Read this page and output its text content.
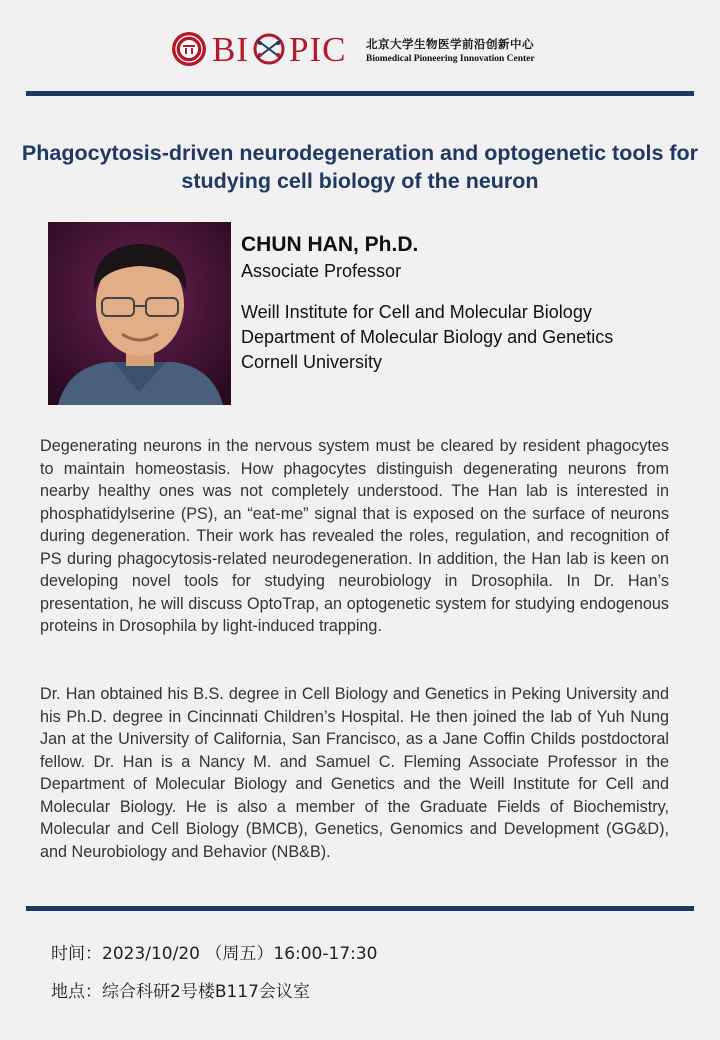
BI PIC 北京大学生物医学前沿创新中心
Biomedical Pioneering Innovation Center
Phagocytosis-driven neurodegeneration and optogenetic tools for studying cell biology of the neuron
CHUN HAN, Ph.D.
Associate Professor
Weill Institute for Cell and Molecular Biology
Department of Molecular Biology and Genetics
Cornell University
Degenerating neurons in the nervous system must be cleared by resident phagocytes to maintain homeostasis. How phagocytes distinguish degenerating neurons from nearby healthy ones was not completely understood. The Han lab is interested in phosphatidylserine (PS), an “eat-me” signal that is exposed on the surface of neurons during degeneration. Their work has revealed the roles, regulation, and recognition of PS during phagocytosis-related neurodegeneration. In addition, the Han lab is keen on developing novel tools for studying neurobiology in Drosophila. In Dr. Han’s presentation, he will discuss OptoTrap, an optogenetic system for studying endogenous proteins in Drosophila by light-induced trapping.
Dr. Han obtained his B.S. degree in Cell Biology and Genetics in Peking University and his Ph.D. degree in Cincinnati Children’s Hospital. He then joined the lab of Yuh Nung Jan at the University of California, San Francisco, as a Jane Coffin Childs postdoctoral fellow. Dr. Han is a Nancy M. and Samuel C. Fleming Associate Professor in the Department of Molecular Biology and Genetics and the Weill Institute for Cell and Molecular Biology. He is also a member of the Graduate Fields of Biochemistry, Molecular and Cell Biology (BMCB), Genetics, Genomics and Development (GG&D), and Neurobiology and Behavior (NB&B).
时间：2023/10/20 （周五）16:00-17:30
地点：综合科研2号楼B117会议室
